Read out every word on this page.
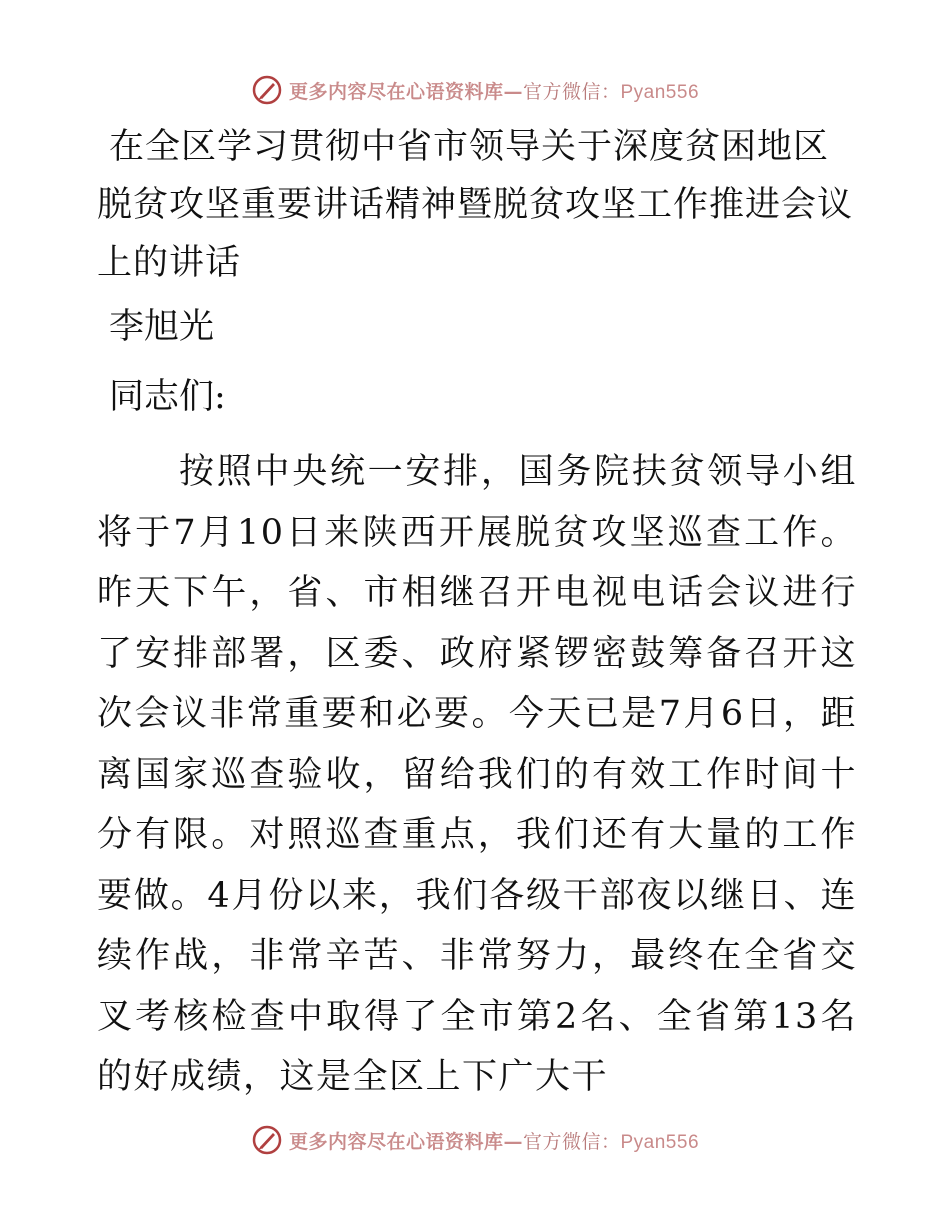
更多内容尽在心语资料库—官方微信：Pyan556
在全区学习贯彻中省市领导关于深度贫困地区脱贫攻坚重要讲话精神暨脱贫攻坚工作推进会议上的讲话

李旭光

同志们:

按照中央统一安排，国务院扶贫领导小组将于7月10日来陕西开展脱贫攻坚巡查工作。昨天下午，省、市相继召开电视电话会议进行了安排部署，区委、政府紧锣密鼓筹备召开这次会议非常重要和必要。今天已是7月6日，距离国家巡查验收，留给我们的有效工作时间十分有限。对照巡查重点，我们还有大量的工作要做。4月份以来，我们各级干部夜以继日、连续作战，非常辛苦、非常努力，最终在全省交叉考核检查中取得了全市第2名、全省第13名的好成绩，这是全区上下广大干

更多内容尽在心语资料库—官方微信：Pyan556
